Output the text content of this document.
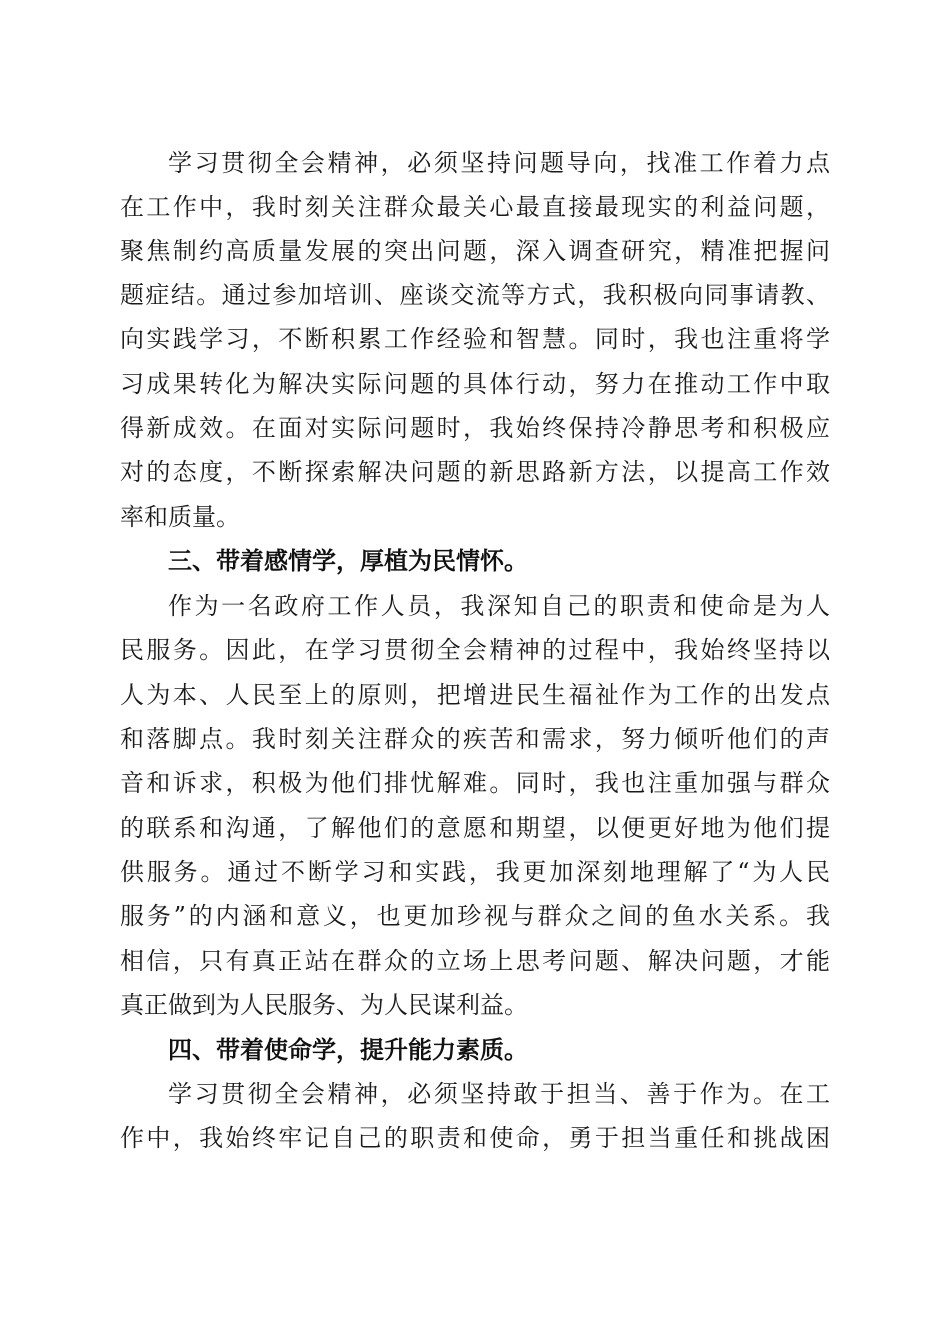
学习贯彻全会精神，必须坚持问题导向，找准工作着力点
在工作中，我时刻关注群众最关心最直接最现实的利益问题，
聚焦制约高质量发展的突出问题，深入调查研究，精准把握问
题症结。通过参加培训、座谈交流等方式，我积极向同事请教、
向实践学习，不断积累工作经验和智慧。同时，我也注重将学
习成果转化为解决实际问题的具体行动，努力在推动工作中取
得新成效。在面对实际问题时，我始终保持冷静思考和积极应
对的态度，不断探索解决问题的新思路新方法，以提高工作效
率和质量。
三、带着感情学，厚植为民情怀。
作为一名政府工作人员，我深知自己的职责和使命是为人
民服务。因此，在学习贯彻全会精神的过程中，我始终坚持以
人为本、人民至上的原则，把增进民生福祉作为工作的出发点
和落脚点。我时刻关注群众的疾苦和需求，努力倾听他们的声
音和诉求，积极为他们排忧解难。同时，我也注重加强与群众
的联系和沟通，了解他们的意愿和期望，以便更好地为他们提
供服务。通过不断学习和实践，我更加深刻地理解了“为人民
服务”的内涵和意义，也更加珍视与群众之间的鱼水关系。我
相信，只有真正站在群众的立场上思考问题、解决问题，才能
真正做到为人民服务、为人民谋利益。
四、带着使命学，提升能力素质。
学习贯彻全会精神，必须坚持敢于担当、善于作为。在工
作中，我始终牢记自己的职责和使命，勇于担当重任和挑战困
